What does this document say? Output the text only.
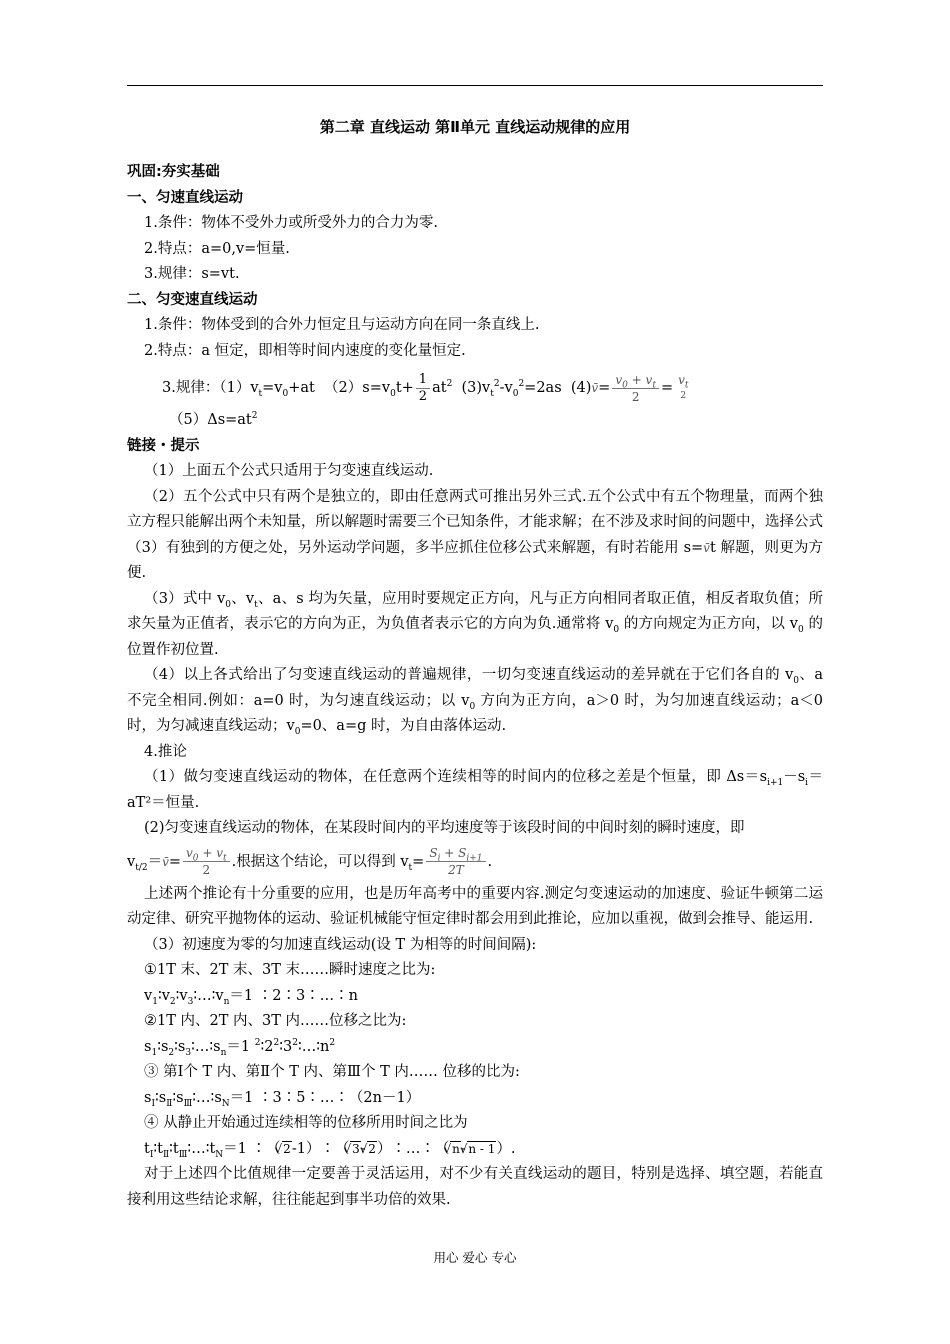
第二章 直线运动 第Ⅱ单元 直线运动规律的应用
巩固:夯实基础
一、匀速直线运动
1.条件：物体不受外力或所受外力的合力为零.
2.特点：a=0,v=恒量.
3.规律：s=vt.
二、匀变速直线运动
1.条件：物体受到的合外力恒定且与运动方向在同一条直线上.
2.特点：a 恒定，即相等时间内速度的变化量恒定.
3.规律：$(1)v_t=v_0+at$  $(2)s=v_0t+ \frac{1}{2} at^2$  $(3)v_t^2-v_0^2=2as$  (4)v̄= $\frac{v_0 + v_t}{2} = v_t$
2
$(5)\Delta s=at^2$
链接・提示
（1）上面五个公式只适用于匀变速直线运动.
（2）五个公式中只有两个是独立的，即由任意两式可推出另外三式.五个公式中有五个物理量，而两个独立方程只能解出两个未知量，所以解题时需要三个已知条件，才能求解；在不涉及求时间的问题中，选择公式（3）有独到的方便之处，另外运动学问题，多半应抓住位移公式来解题，有时若能用 s=v̄t 解题，则更为方便.
（3）式中 $v_0$、$v_t$、a、s 均为矢量，应用时要规定正方向，凡与正方向相同者取正值，相反者取负值；所求矢量为正值者，表示它的方向为正，为负值者表示它的方向为负.通常将 $v_0$ 的方向规定为正方向，以 $v_0$ 的位置作初位置.
（4）以上各式给出了匀变速直线运动的普遍规律，一切匀变速直线运动的差异就在于它们各自的 $v_0$、a 不完全相同.例如：a=0 时，为匀速直线运动；以 $v_0$ 方向为正方向，a＞0 时，为匀加速直线运动；a＜0 时，为匀减速直线运动；$v_0=0$、a=g 时，为自由落体运动.
4.推论
（1）做匀变速直线运动的物体，在任意两个连续相等的时间内的位移之差是个恒量，即 $\Delta s=s_{i+1}-s_i=aT^2=$恒量.
(2)匀变速直线运动的物体，在某段时间内的平均速度等于该段时间的中间时刻的瞬时速度，即
$v_{t/2}=v̄= \frac{v_0 + v_t}{2}$ .根据这个结论，可以得到 $v_t= \frac{S_i + S_{i+1}}{2T}$ .
上述两个推论有十分重要的应用，也是历年高考中的重要内容.测定匀变速运动的加速度、验证牛顿第二运动定律、研究平抛物体的运动、验证机械能守恒定律时都会用到此推论，应加以重视，做到会推导、能运用.
（3）初速度为零的匀加速直线运动(设 T 为相等的时间间隔):
①1T 末、2T 末、3T 末……瞬时速度之比为:
$v_1∶v_2∶v_3∶\dots∶v_n=1$ ∶2∶3∶…∶n
②1T 内、2T 内、3T 内……位移之比为:
$s_1∶s_2∶s_3∶\dots∶s_n=1$ $^2∶2^2∶3^2∶\dots∶n^2$
③ 第Ⅰ个 T 内、第Ⅱ个 T 内、第Ⅲ个 T 内…… 位移的比为:
$s_Ⅰ∶s_Ⅱ∶s_Ⅲ∶\dots∶s_N=1$ ∶3∶5∶…∶（2n－1）
④ 从静止开始通过连续相等的位移所用时间之比为
$t_Ⅰ∶t_Ⅱ∶t_Ⅲ∶\dots∶t_N=1$ ∶（ √ 2-1）∶（ √ 3- √ 2）∶…∶（ √ n- √ n - 1）.
对于上述四个比值规律一定要善于灵活运用，对不少有关直线运动的题目，特别是选择、填空题，若能直接利用这些结论求解，往往能起到事半功倍的效果.
用心 爱心 专心
